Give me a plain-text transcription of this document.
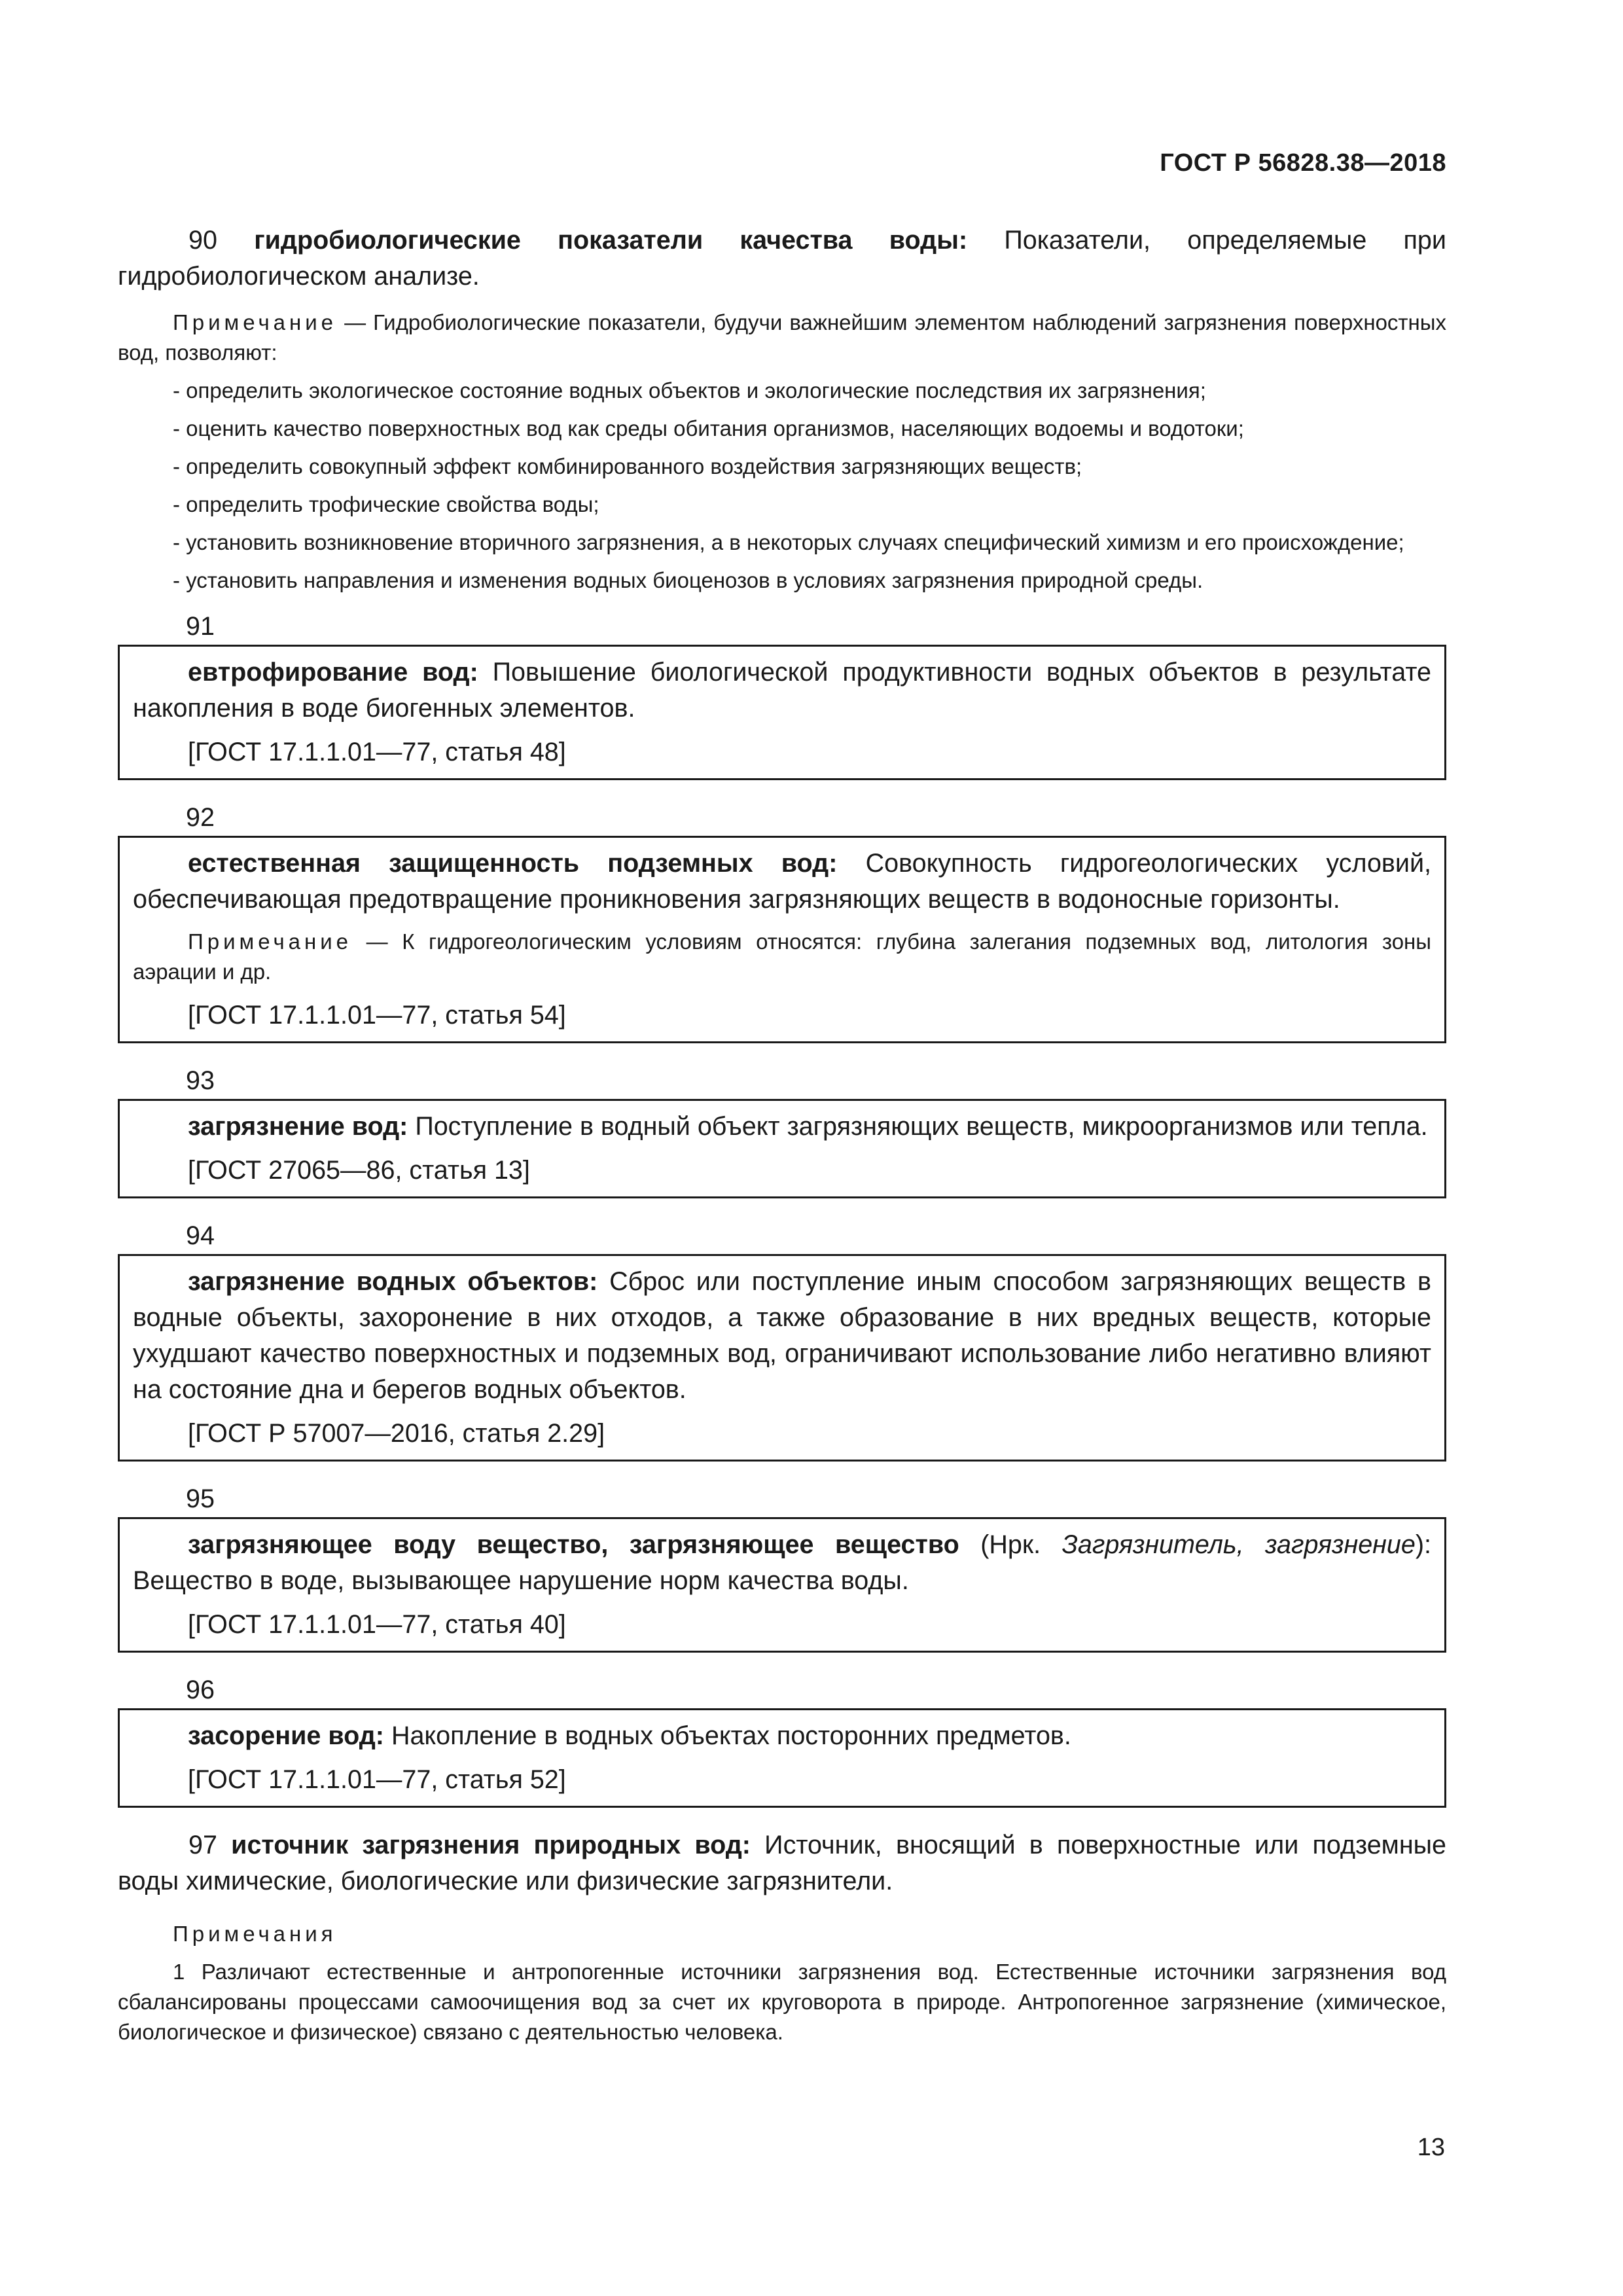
ГОСТ Р 56828.38—2018

90 гидробиологические показатели качества воды: Показатели, определяемые при гидробиологическом анализе.

Примечание — Гидробиологические показатели, будучи важнейшим элементом наблюдений загрязнения поверхностных вод, позволяют:

- определить экологическое состояние водных объектов и экологические последствия их загрязнения;

- оценить качество поверхностных вод как среды обитания организмов, населяющих водоемы и водотоки;

- определить совокупный эффект комбинированного воздействия загрязняющих веществ;

- определить трофические свойства воды;

- установить возникновение вторичного загрязнения, а в некоторых случаях специфический химизм и его происхождение;

- установить направления и изменения водных биоценозов в условиях загрязнения природной среды.

91

евтрофирование вод: Повышение биологической продуктивности водных объектов в результате накопления в воде биогенных элементов.

[ГОСТ 17.1.1.01—77, статья 48]

92

естественная защищенность подземных вод: Совокупность гидрогеологических условий, обеспечивающая предотвращение проникновения загрязняющих веществ в водоносные горизонты.

Примечание — К гидрогеологическим условиям относятся: глубина залегания подземных вод, литология зоны аэрации и др.

[ГОСТ 17.1.1.01—77, статья 54]

93

загрязнение вод: Поступление в водный объект загрязняющих веществ, микроорганизмов или тепла.

[ГОСТ 27065—86, статья 13]

94

загрязнение водных объектов: Сброс или поступление иным способом загрязняющих веществ в водные объекты, захоронение в них отходов, а также образование в них вредных веществ, которые ухудшают качество поверхностных и подземных вод, ограничивают использование либо негативно влияют на состояние дна и берегов водных объектов.

[ГОСТ Р 57007—2016, статья 2.29]

95

загрязняющее воду вещество, загрязняющее вещество (Нрк. Загрязнитель, загрязнение): Вещество в воде, вызывающее нарушение норм качества воды.

[ГОСТ 17.1.1.01—77, статья 40]

96

засорение вод: Накопление в водных объектах посторонних предметов.

[ГОСТ 17.1.1.01—77, статья 52]

97 источник загрязнения природных вод: Источник, вносящий в поверхностные или подземные воды химические, биологические или физические загрязнители.

Примечания

1 Различают естественные и антропогенные источники загрязнения вод. Естественные источники загрязнения вод сбалансированы процессами самоочищения вод за счет их круговорота в природе. Антропогенное загрязнение (химическое, биологическое и физическое) связано с деятельностью человека.

13
